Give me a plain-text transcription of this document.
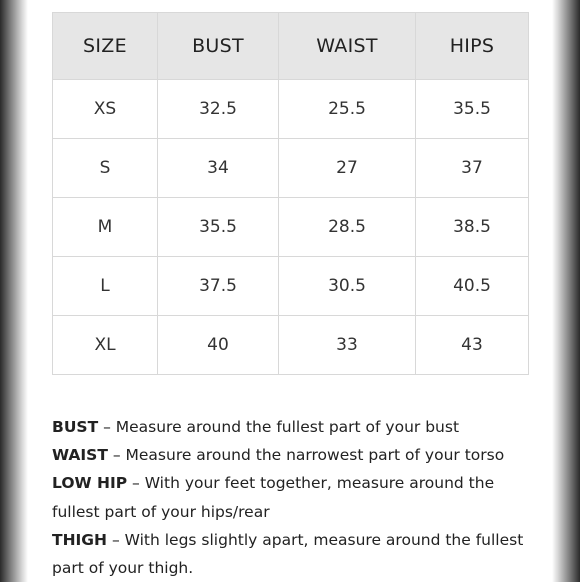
SIZE	BUST	WAIST	HIPS
XS	32.5	25.5	35.5
S	34	27	37
M	35.5	28.5	38.5
L	37.5	30.5	40.5
XL	40	33	43

BUST – Measure around the fullest part of your bust

WAIST – Measure around the narrowest part of your torso

LOW HIP – With your feet together, measure around the fullest part of your hips/rear

THIGH – With legs slightly apart, measure around the fullest part of your thigh.
